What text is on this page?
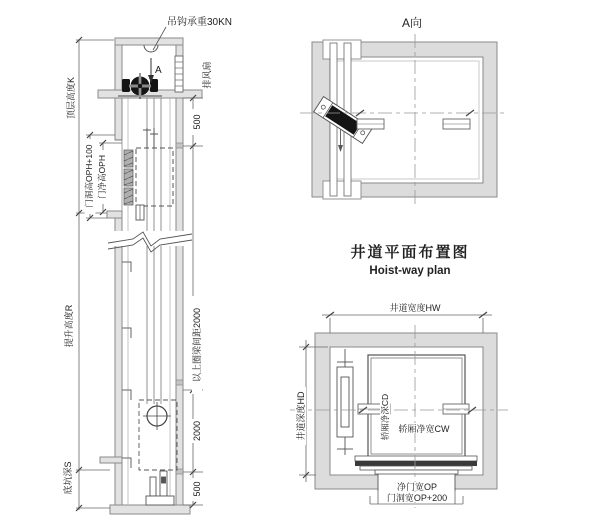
顶层高度K
门洞高OPH+100 门净高OPH
提升高度R
底坑深S
500
以上圈梁间距2000
2000
500
吊钩承重30KN
排风扇
A
A向
井道平面布置图
Hoist-way plan
井道宽度HW
井道深度HD	轿厢净深CD 轿厢净宽CW
净门宽OP
门洞宽OP+200
